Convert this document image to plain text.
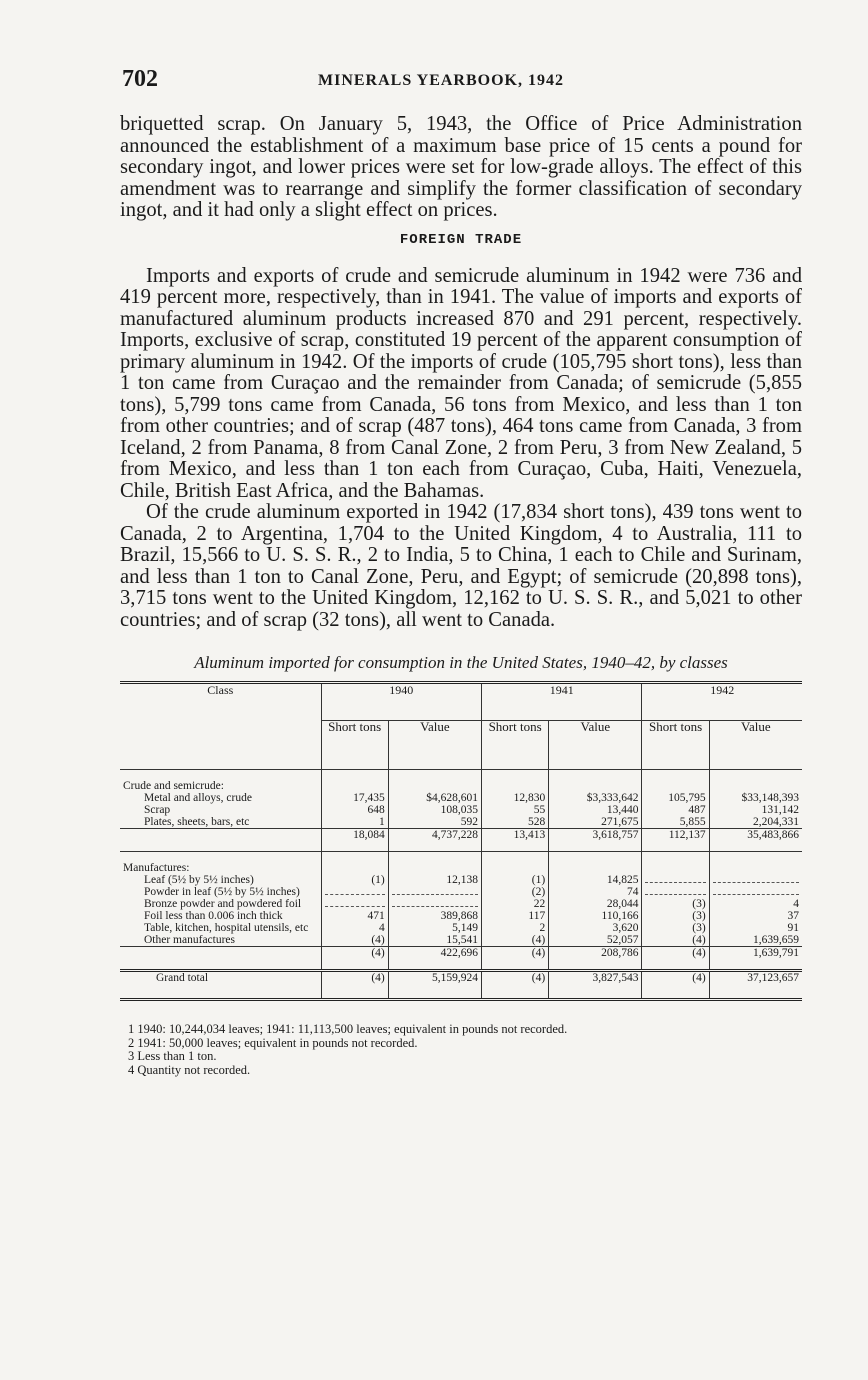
702	MINERALS YEARBOOK, 1942

briquetted scrap. On January 5, 1943, the Office of Price Administration announced the establishment of a maximum base price of 15 cents a pound for secondary ingot, and lower prices were set for low-grade alloys. The effect of this amendment was to rearrange and simplify the former classification of secondary ingot, and it had only a slight effect on prices.

FOREIGN TRADE

Imports and exports of crude and semicrude aluminum in 1942 were 736 and 419 percent more, respectively, than in 1941. The value of imports and exports of manufactured aluminum products increased 870 and 291 percent, respectively. Imports, exclusive of scrap, constituted 19 percent of the apparent consumption of primary aluminum in 1942. Of the imports of crude (105,795 short tons), less than 1 ton came from Curaçao and the remainder from Canada; of semicrude (5,855 tons), 5,799 tons came from Canada, 56 tons from Mexico, and less than 1 ton from other countries; and of scrap (487 tons), 464 tons came from Canada, 3 from Iceland, 2 from Panama, 8 from Canal Zone, 2 from Peru, 3 from New Zealand, 5 from Mexico, and less than 1 ton each from Curaçao, Cuba, Haiti, Venezuela, Chile, British East Africa, and the Bahamas.

Of the crude aluminum exported in 1942 (17,834 short tons), 439 tons went to Canada, 2 to Argentina, 1,704 to the United Kingdom, 4 to Australia, 111 to Brazil, 15,566 to U. S. S. R., 2 to India, 5 to China, 1 each to Chile and Surinam, and less than 1 ton to Canal Zone, Peru, and Egypt; of semicrude (20,898 tons), 3,715 tons went to the United Kingdom, 12,162 to U. S. S. R., and 5,021 to other countries; and of scrap (32 tons), all went to Canada.

Aluminum imported for consumption in the United States, 1940–42, by classes
Class	1940		1941		1942	
	Short tons	Value	Short tons	Value	Short tons	Value

Crude and semicrude:						
Metal and alloys, crude	17,435	$4,628,601	12,830	$3,333,642	105,795	$33,148,393
Scrap	648	108,035	55	13,440	487	131,142
Plates, sheets, bars, etc	1	592	528	271,675	5,855	2,204,331
	18,084	4,737,228	13,413	3,618,757	112,137	35,483,866

Manufactures:						
Leaf (5½ by 5½ inches)	(1)	12,138	(1)	14,825		
Powder in leaf (5½ by 5½ inches)			(2)	74		
Bronze powder and powdered foil			22	28,044	(3)	4
Foil less than 0.006 inch thick	471	389,868	117	110,166	(3)	37
Table, kitchen, hospital utensils, etc	4	5,149	2	3,620	(3)	91
Other manufactures	(4)	15,541	(4)	52,057	(4)	1,639,659
	(4)	422,696	(4)	208,786	(4)	1,639,791
Grand total	(4)	5,159,924	(4)	3,827,543	(4)	37,123,657
1 1940: 10,244,034 leaves; 1941: 11,113,500 leaves; equivalent in pounds not recorded.
2 1941: 50,000 leaves; equivalent in pounds not recorded.
3 Less than 1 ton.
4 Quantity not recorded.
